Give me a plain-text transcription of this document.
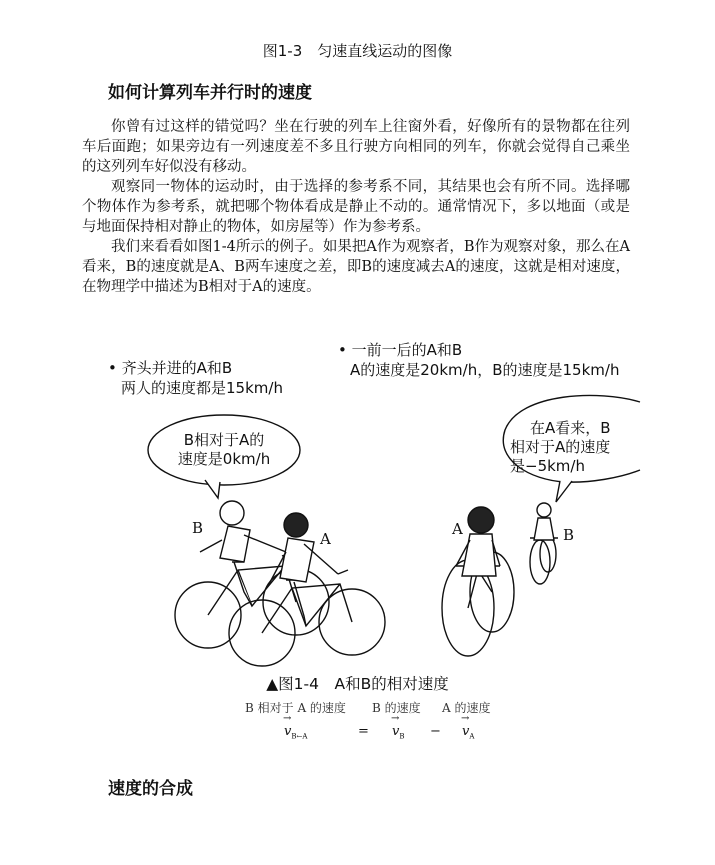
图1-3　匀速直线运动的图像
如何计算列车并行时的速度

你曾有过这样的错觉吗？坐在行驶的列车上往窗外看，好像所有的景物都在往列车后面跑；如果旁边有一列速度差不多且行驶方向相同的列车，你就会觉得自己乘坐的这列列车好似没有移动。

观察同一物体的运动时，由于选择的参考系不同，其结果也会有所不同。选择哪个物体作为参考系，就把哪个物体看成是静止不动的。通常情况下，多以地面（或是与地面保持相对静止的物体，如房屋等）作为参考系。

我们来看看如图1-4所示的例子。如果把A作为观察者，B作为观察对象，那么在A看来，B的速度就是A、B两车速度之差，即B的速度减去A的速度，这就是相对速度，在物理学中描述为B相对于A的速度。

• 齐头并进的A和B
两人的速度都是15km/h
• 一前一后的A和B
A的速度是20km/h，B的速度是15km/h
B相对于A的
速度是0km/h
在A看来，B
相对于A的速度
是−5km/h
B
A
A	B
▲图1-4　A和B的相对速度
B 相对于 A 的速度 B 的速度 A 的速度
→
$v_{B\leftarrow A}$	=
→
$v_B$ −
→
$v_A$
速度的合成
